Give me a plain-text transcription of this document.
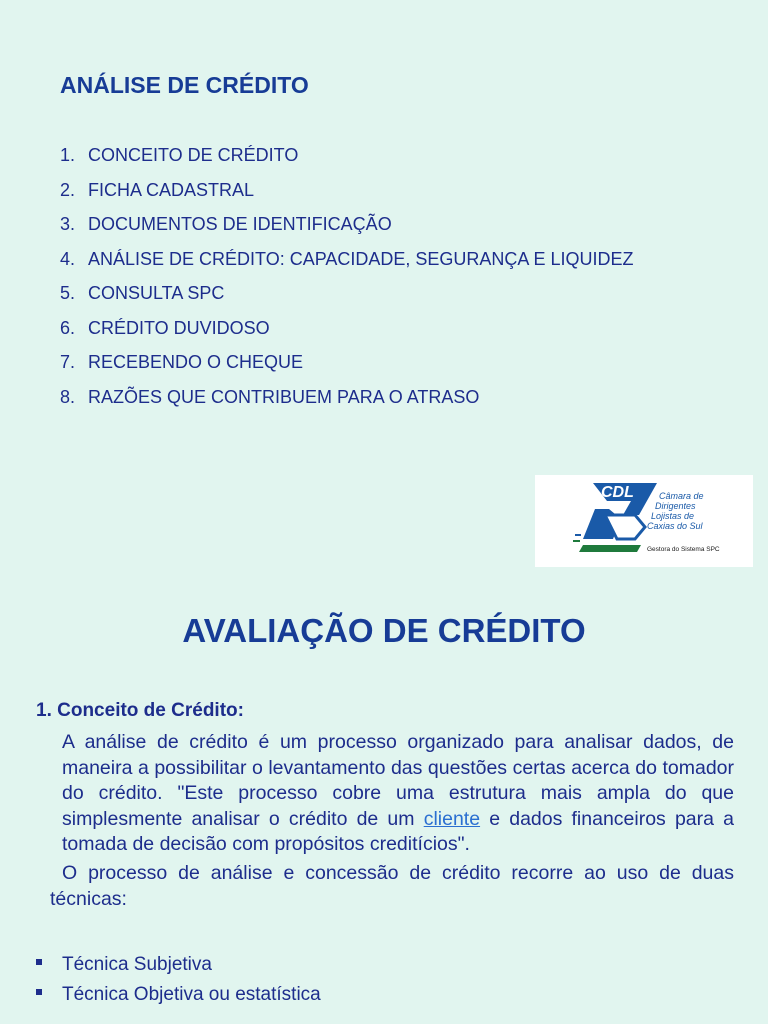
ANÁLISE DE CRÉDITO
1. CONCEITO DE CRÉDITO
2. FICHA CADASTRAL
3. DOCUMENTOS DE IDENTIFICAÇÃO
4. ANÁLISE DE CRÉDITO: CAPACIDADE, SEGURANÇA E LIQUIDEZ
5. CONSULTA SPC
6. CRÉDITO DUVIDOSO
7. RECEBENDO O CHEQUE
8. RAZÕES QUE CONTRIBUEM PARA O ATRASO
CDL	Câmara de
Dirigentes
Lojistas de
Caxias do Sul
Gestora do Sistema SPC
AVALIAÇÃO DE CRÉDITO
1. Conceito de Crédito:

A análise de crédito é um processo organizado para analisar dados, de maneira a possibilitar o levantamento das questões certas acerca do tomador do crédito. "Este processo cobre uma estrutura mais ampla do que simplesmente analisar o crédito de um cliente e dados financeiros para a tomada de decisão com propósitos creditícios".

O processo de análise e concessão de crédito recorre ao uso de duas técnicas:

Técnica Subjetiva
Técnica Objetiva ou estatística
